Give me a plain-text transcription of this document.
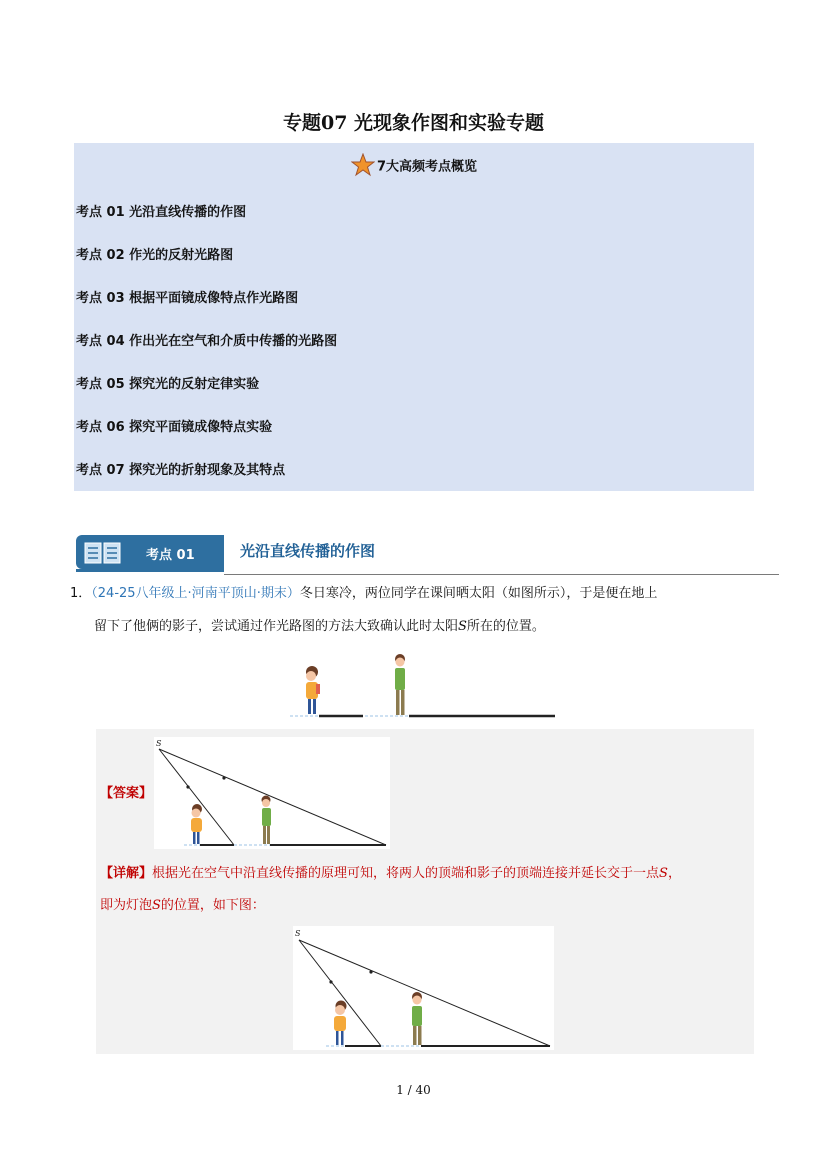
专题07 光现象作图和实验专题
7大高频考点概览
考点 01 光沿直线传播的作图
考点 02 作光的反射光路图
考点 03 根据平面镜成像特点作光路图
考点 04 作出光在空气和介质中传播的光路图
考点 05 探究光的反射定律实验
考点 06 探究平面镜成像特点实验
考点 07 探究光的折射现象及其特点
考点 01	光沿直线传播的作图
1．（24-25八年级上·河南平顶山·期末）冬日寒冷，两位同学在课间晒太阳（如图所示），于是便在地上
留下了他俩的影子，尝试通过作光路图的方法大致确认此时太阳S所在的位置。
【答案】
S
【详解】根据光在空气中沿直线传播的原理可知，将两人的顶端和影子的顶端连接并延长交于一点S，
即为灯泡S的位置，如下图：
S
1 / 40
